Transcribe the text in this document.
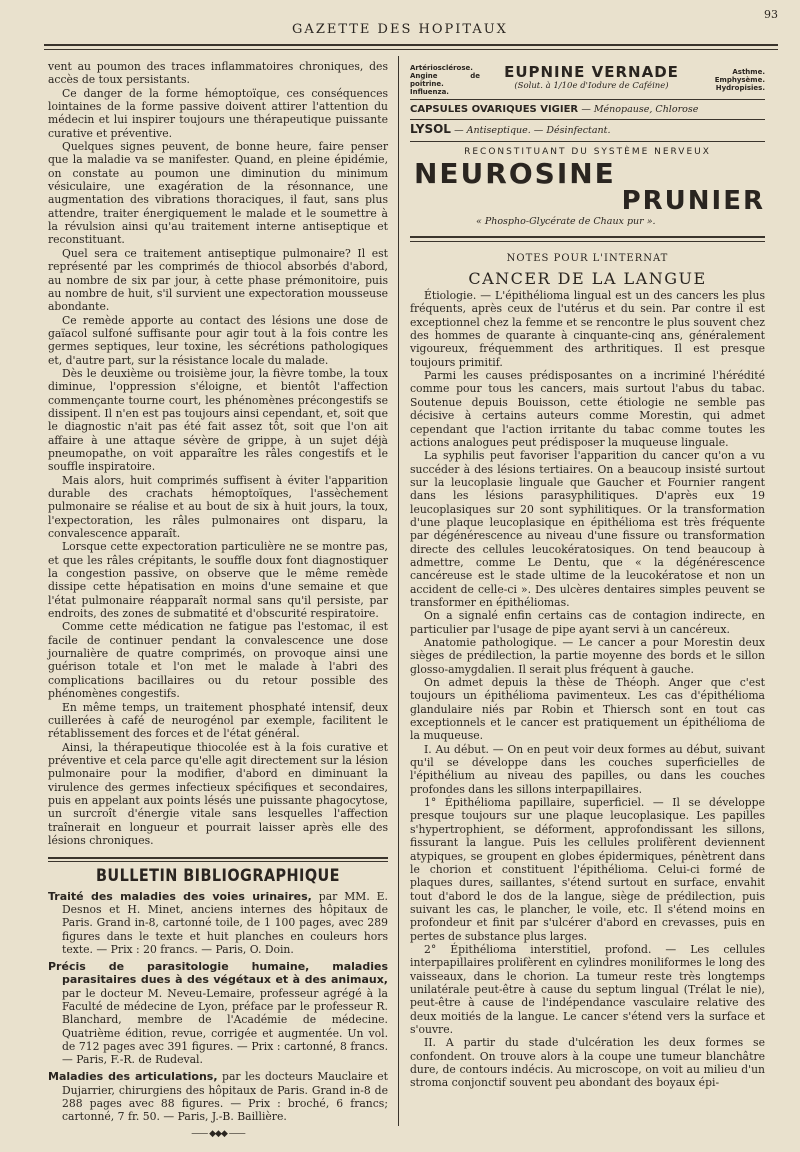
93
GAZETTE DES HOPITAUX

vent au poumon des traces inflammatoires chroniques, des accès de toux persistants.

Ce danger de la forme hémoptoïque, ces conséquences lointaines de la forme passive doivent attirer l'attention du médecin et lui inspirer toujours une thérapeutique puissante curative et préventive.

Quelques signes peuvent, de bonne heure, faire penser que la maladie va se manifester. Quand, en pleine épidémie, on constate au poumon une diminution du minimum vésiculaire, une exagération de la résonnance, une augmentation des vibrations thoraciques, il faut, sans plus attendre, traiter énergiquement le malade et le soumettre à la révulsion ainsi qu'au traitement interne antiseptique et reconstituant.

Quel sera ce traitement antiseptique pulmonaire? Il est représenté par les comprimés de thiocol absorbés d'abord, au nombre de six par jour, à cette phase prémonitoire, puis au nombre de huit, s'il survient une expectoration mousseuse abondante.

Ce remède apporte au contact des lésions une dose de gaïacol sulfoné suffisante pour agir tout à la fois contre les germes septiques, leur toxine, les sécrétions pathologiques et, d'autre part, sur la résistance locale du malade.

Dès le deuxième ou troisième jour, la fièvre tombe, la toux diminue, l'oppression s'éloigne, et bientôt l'affection commençante tourne court, les phénomènes précongestifs se dissipent. Il n'en est pas toujours ainsi cependant, et, soit que le diagnostic n'ait pas été fait assez tôt, soit que l'on ait affaire à une attaque sévère de grippe, à un sujet déjà pneumopathe, on voit apparaître les râles congestifs et le souffle inspiratoire.

Mais alors, huit comprimés suffisent à éviter l'apparition durable des crachats hémoptoïques, l'assèchement pulmonaire se réalise et au bout de six à huit jours, la toux, l'expectoration, les râles pulmonaires ont disparu, la convalescence apparaît.

Lorsque cette expectoration particulière ne se montre pas, et que les râles crépitants, le souffle doux font diagnostiquer la congestion passive, on observe que le même remède dissipe cette hépatisation en moins d'une semaine et que l'état pulmonaire réapparaît normal sans qu'il persiste, par endroits, des zones de submatité et d'obscurité respiratoire.

Comme cette médication ne fatigue pas l'estomac, il est facile de continuer pendant la convalescence une dose journalière de quatre comprimés, on provoque ainsi une guérison totale et l'on met le malade à l'abri des complications bacillaires ou du retour possible des phénomènes congestifs.

En même temps, un traitement phosphaté intensif, deux cuillerées à café de neurogénol par exemple, facilitent le rétablissement des forces et de l'état général.

Ainsi, la thérapeutique thiocolée est à la fois curative et préventive et cela parce qu'elle agit directement sur la lésion pulmonaire pour la modifier, d'abord en diminuant la virulence des germes infectieux spécifiques et secondaires, puis en appelant aux points lésés une puissante phagocytose, un surcroît d'énergie vitale sans lesquelles l'affection traînerait en longueur et pourrait laisser après elle des lésions chroniques.

BULLETIN BIBLIOGRAPHIQUE
Traité des maladies des voies urinaires, par MM. E. Desnos et H. Minet, anciens internes des hôpitaux de Paris. Grand in-8, cartonné toile, de 1 100 pages, avec 289 figures dans le texte et huit planches en couleurs hors texte. — Prix : 20 francs. — Paris, O. Doin.
Précis de parasitologie humaine, maladies parasitaires dues à des végétaux et à des animaux, par le docteur M. Neveu-Lemaire, professeur agrégé à la Faculté de médecine de Lyon, préface par le professeur R. Blanchard, membre de l'Académie de médecine. Quatrième édition, revue, corrigée et augmentée. Un vol. de 712 pages avec 391 figures. — Prix : cartonné, 8 francs. — Paris, F.-R. de Rudeval.
Maladies des articulations, par les docteurs Mauclaire et Dujarrier, chirurgiens des hôpitaux de Paris. Grand in-8 de 288 pages avec 88 figures. — Prix : broché, 6 francs; cartonné, 7 fr. 50. — Paris, J.-B. Baillière.
—— ◆◆◆ ——
Artériosclérose. Angine de poitrine. Influenza.
EUPNINE VERNADE
(Solut. à 1/10e d'Iodure de Caféine)
Asthme. Emphysème. Hydropisies.
CAPSULES OVARIQUES VIGIER — Ménopause, Chlorose
LYSOL — Antiseptique. — Désinfectant.
RECONSTITUANT DU SYSTÈME NERVEUX
NEUROSINE
PRUNIER
« Phospho-Glycérate de Chaux pur ».
NOTES POUR L'INTERNAT
CANCER DE LA LANGUE

Étiologie. — L'épithélioma lingual est un des cancers les plus fréquents, après ceux de l'utérus et du sein. Par contre il est exceptionnel chez la femme et se rencontre le plus souvent chez des hommes de quarante à cinquante-cinq ans, généralement vigoureux, fréquemment des arthritiques. Il est presque toujours primitif.

Parmi les causes prédisposantes on a incriminé l'hérédité comme pour tous les cancers, mais surtout l'abus du tabac. Soutenue depuis Bouisson, cette étiologie ne semble pas décisive à certains auteurs comme Morestin, qui admet cependant que l'action irritante du tabac comme toutes les actions analogues peut prédisposer la muqueuse linguale.

La syphilis peut favoriser l'apparition du cancer qu'on a vu succéder à des lésions tertiaires. On a beaucoup insisté surtout sur la leucoplasie linguale que Gaucher et Fournier rangent dans les lésions parasyphilitiques. D'après eux 19 leucoplasiques sur 20 sont syphilitiques. Or la transformation d'une plaque leucoplasique en épithélioma est très fréquente par dégénérescence au niveau d'une fissure ou transformation directe des cellules leucokératosiques. On tend beaucoup à admettre, comme Le Dentu, que « la dégénérescence cancéreuse est le stade ultime de la leucokératose et non un accident de celle-ci ». Des ulcères dentaires simples peuvent se transformer en épithéliomas.

On a signalé enfin certains cas de contagion indirecte, en particulier par l'usage de pipe ayant servi à un cancéreux.

Anatomie pathologique. — Le cancer a pour Morestin deux sièges de prédilection, la partie moyenne des bords et le sillon glosso-amygdalien. Il serait plus fréquent à gauche.

On admet depuis la thèse de Théoph. Anger que c'est toujours un épithélioma pavimenteux. Les cas d'épithélioma glandulaire niés par Robin et Thiersch sont en tout cas exceptionnels et le cancer est pratiquement un épithélioma de la muqueuse.

I. Au début. — On en peut voir deux formes au début, suivant qu'il se développe dans les couches superficielles de l'épithélium au niveau des papilles, ou dans les couches profondes dans les sillons interpapillaires.

1° Épithélioma papillaire, superficiel. — Il se développe presque toujours sur une plaque leucoplasique. Les papilles s'hypertrophient, se déforment, approfondissant les sillons, fissurant la langue. Puis les cellules prolifèrent deviennent atypiques, se groupent en globes épidermiques, pénètrent dans le chorion et constituent l'épithélioma. Celui-ci formé de plaques dures, saillantes, s'étend surtout en surface, envahit tout d'abord le dos de la langue, siège de prédilection, puis suivant les cas, le plancher, le voile, etc. Il s'étend moins en profondeur et finit par s'ulcérer d'abord en crevasses, puis en pertes de substance plus larges.

2° Épithélioma interstitiel, profond. — Les cellules interpapillaires prolifèrent en cylindres moniliformes le long des vaisseaux, dans le chorion. La tumeur reste très longtemps unilatérale peut-être à cause du septum lingual (Trélat le nie), peut-être à cause de l'indépendance vasculaire relative des deux moitiés de la langue. Le cancer s'étend vers la surface et s'ouvre.

II. A partir du stade d'ulcération les deux formes se confondent. On trouve alors à la coupe une tumeur blanchâtre dure, de contours indécis. Au microscope, on voit au milieu d'un stroma conjonctif souvent peu abondant des boyaux épi-
